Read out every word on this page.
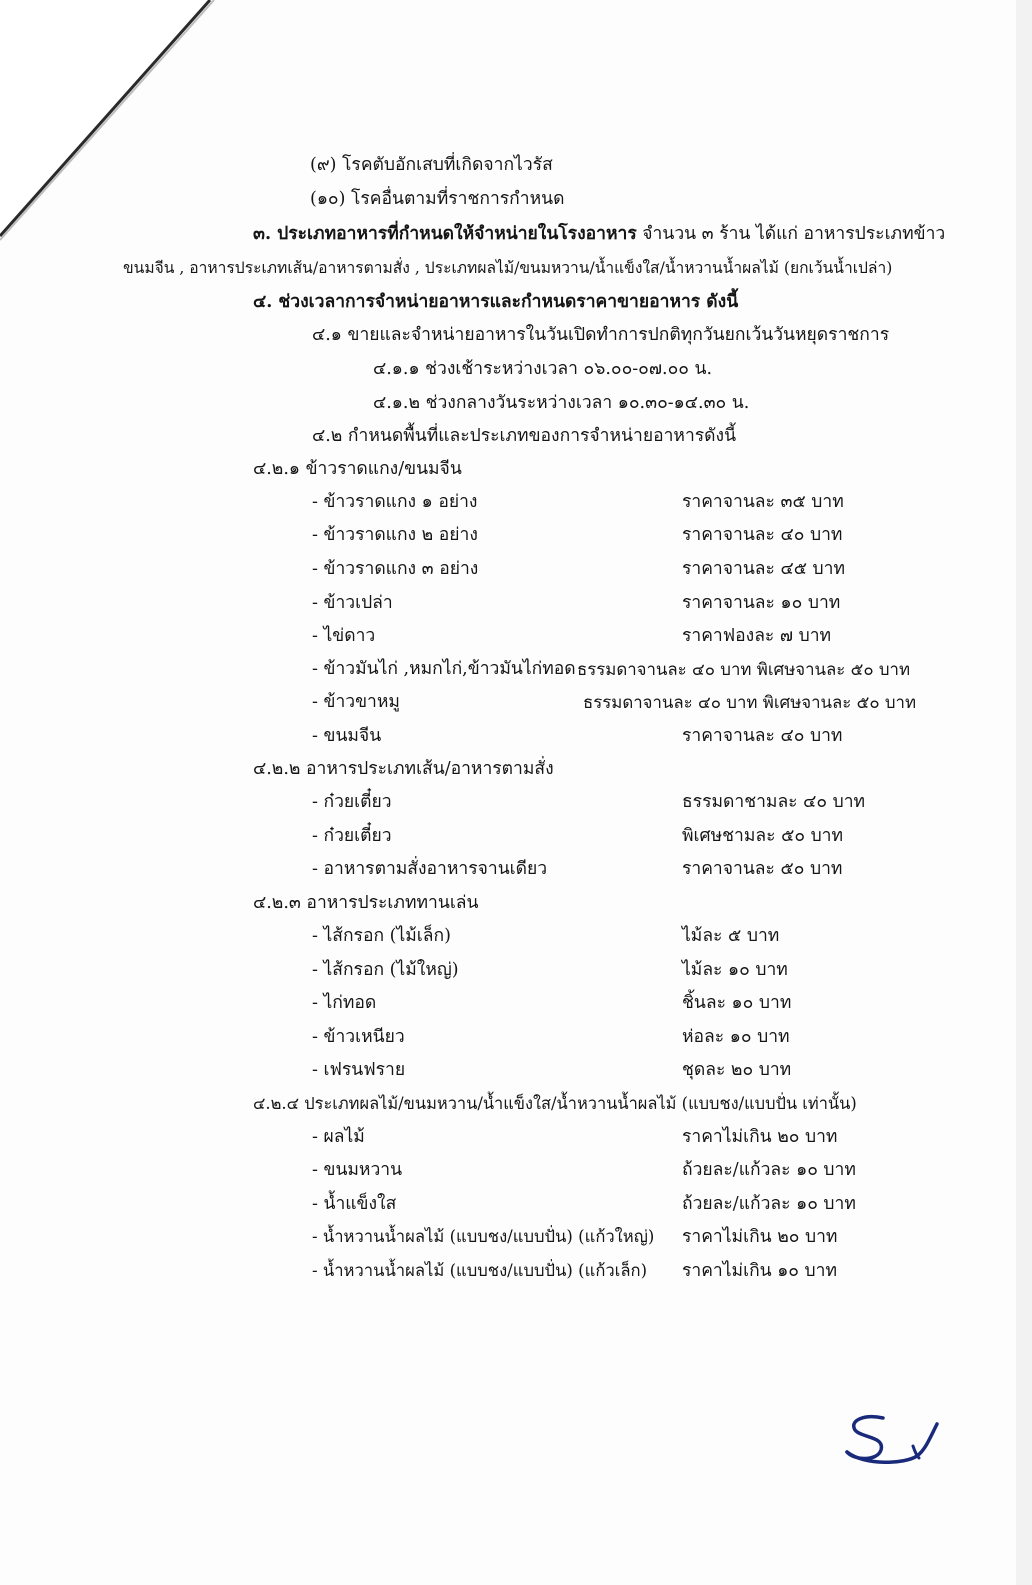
(๙) โรคตับอักเสบที่เกิดจากไวรัส
(๑๐) โรคอื่นตามที่ราชการกำหนด
๓. ประเภทอาหารที่กำหนดให้จำหน่ายในโรงอาหาร จำนวน ๓ ร้าน ได้แก่ อาหารประเภทข้าว
ขนมจีน , อาหารประเภทเส้น/อาหารตามสั่ง , ประเภทผลไม้/ขนมหวาน/น้ำแข็งใส/น้ำหวานน้ำผลไม้ (ยกเว้นน้ำเปล่า)
๔. ช่วงเวลาการจำหน่ายอาหารและกำหนดราคาขายอาหาร ดังนี้
๔.๑ ขายและจำหน่ายอาหารในวันเปิดทำการปกติทุกวันยกเว้นวันหยุดราชการ
๔.๑.๑ ช่วงเช้าระหว่างเวลา ๐๖.๐๐-๐๗.๐๐ น.
๔.๑.๒ ช่วงกลางวันระหว่างเวลา ๑๐.๓๐-๑๔.๓๐ น.
๔.๒ กำหนดพื้นที่และประเภทของการจำหน่ายอาหารดังนี้
๔.๒.๑ ข้าวราดแกง/ขนมจีน
- ข้าวราดแกง ๑ อย่าง	ราคาจานละ ๓๕ บาท
- ข้าวราดแกง ๒ อย่าง	ราคาจานละ ๔๐ บาท
- ข้าวราดแกง ๓ อย่าง	ราคาจานละ ๔๕ บาท
- ข้าวเปล่า	ราคาจานละ ๑๐ บาท
- ไข่ดาว	ราคาฟองละ ๗ บาท
- ข้าวมันไก่ ,หมกไก่,ข้าวมันไก่ทอด ธรรมดาจานละ ๔๐ บาท พิเศษจานละ ๕๐ บาท
- ข้าวขาหมู	ธรรมดาจานละ ๔๐ บาท พิเศษจานละ ๕๐ บาท
- ขนมจีน	ราคาจานละ ๔๐ บาท
๔.๒.๒ อาหารประเภทเส้น/อาหารตามสั่ง
- ก๋วยเตี๋ยว	ธรรมดาชามละ ๔๐ บาท
- ก๋วยเตี๋ยว	พิเศษชามละ ๕๐ บาท
- อาหารตามสั่งอาหารจานเดียว	ราคาจานละ ๕๐ บาท
๔.๒.๓ อาหารประเภททานเล่น
- ไส้กรอก (ไม้เล็ก)	ไม้ละ ๕ บาท
- ไส้กรอก (ไม้ใหญ่)	ไม้ละ ๑๐ บาท
- ไก่ทอด	ชิ้นละ ๑๐ บาท
- ข้าวเหนียว	ห่อละ ๑๐ บาท
- เฟรนฟราย	ชุดละ ๒๐ บาท
๔.๒.๔ ประเภทผลไม้/ขนมหวาน/น้ำแข็งใส/น้ำหวานน้ำผลไม้ (แบบชง/แบบปั่น เท่านั้น)
- ผลไม้	ราคาไม่เกิน ๒๐ บาท
- ขนมหวาน	ถ้วยละ/แก้วละ ๑๐ บาท
- น้ำแข็งใส	ถ้วยละ/แก้วละ ๑๐ บาท
- น้ำหวานน้ำผลไม้ (แบบชง/แบบปั่น) (แก้วใหญ่) ราคาไม่เกิน ๒๐ บาท
- น้ำหวานน้ำผลไม้ (แบบชง/แบบปั่น) (แก้วเล็ก) ราคาไม่เกิน ๑๐ บาท
